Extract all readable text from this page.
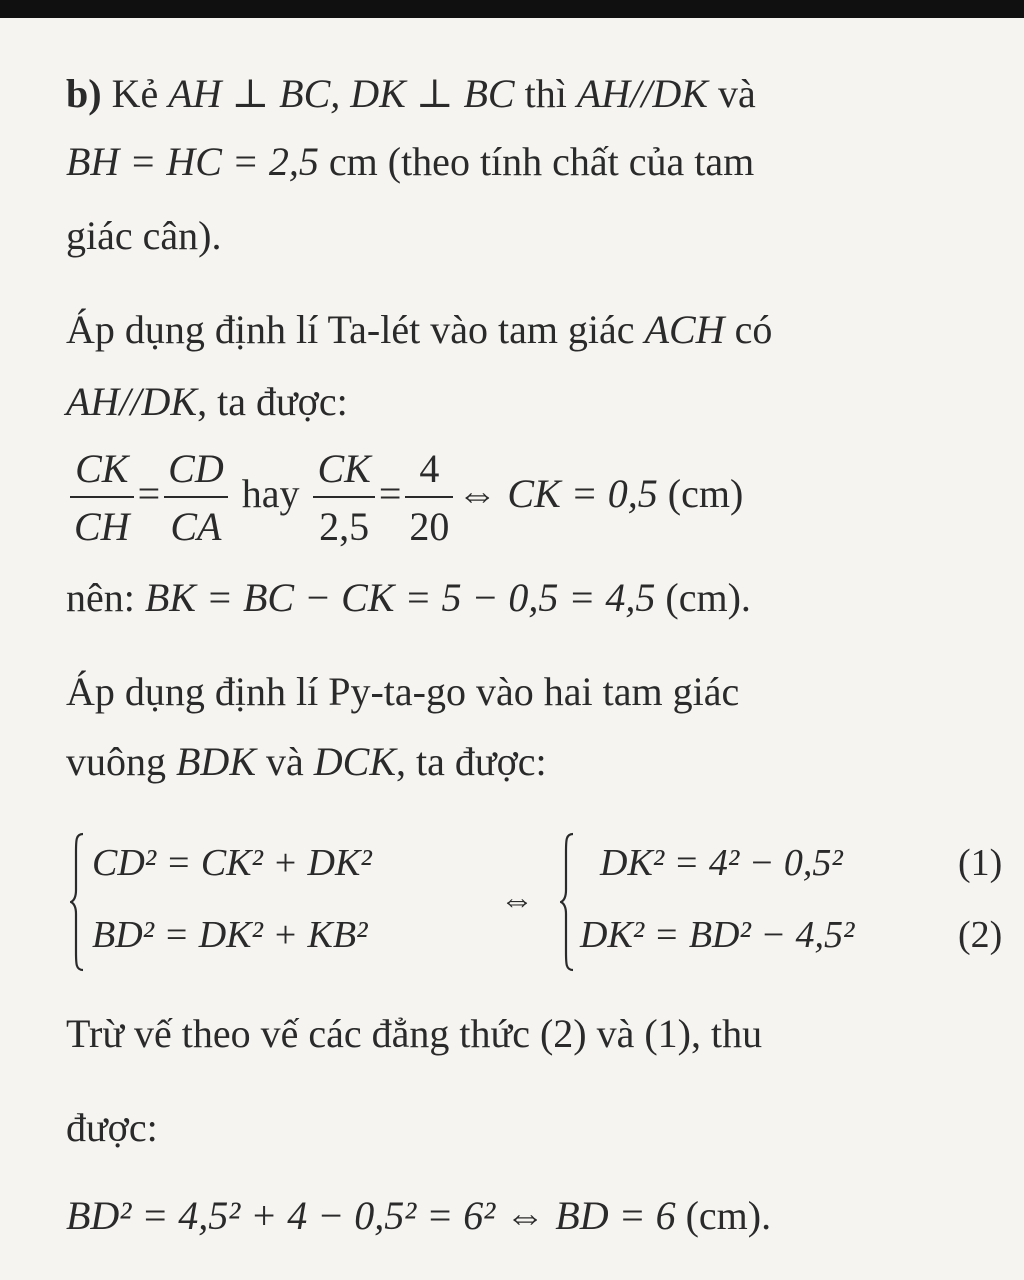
b) Kẻ AH ⊥ BC, DK ⊥ BC thì AH//DK và
BH = HC = 2,5 cm (theo tính chất của tam
giác cân).
Áp dụng định lí Ta-lét vào tam giác ACH có
AH//DK, ta được:
$\frac{CK}{CH} = \frac{CD}{CA}$ hay $\frac{CK}{2,5} = \frac{4}{20}$ ⇔ CK = 0,5 (cm)
nên: BK = BC − CK = 5 − 0,5 = 4,5 (cm).
Áp dụng định lí Py-ta-go vào hai tam giác
vuông BDK và DCK, ta được:
CD² = CK² + DK²
BD² = DK² + KB²
⇔
DK² = 4² − 0,5²	(1)
DK² = BD² − 4,5²	(2)
Trừ vế theo vế các đẳng thức (2) và (1), thu
được:
BD² = 4,5² + 4 − 0,5² = 6² ⇔ BD = 6 (cm).
